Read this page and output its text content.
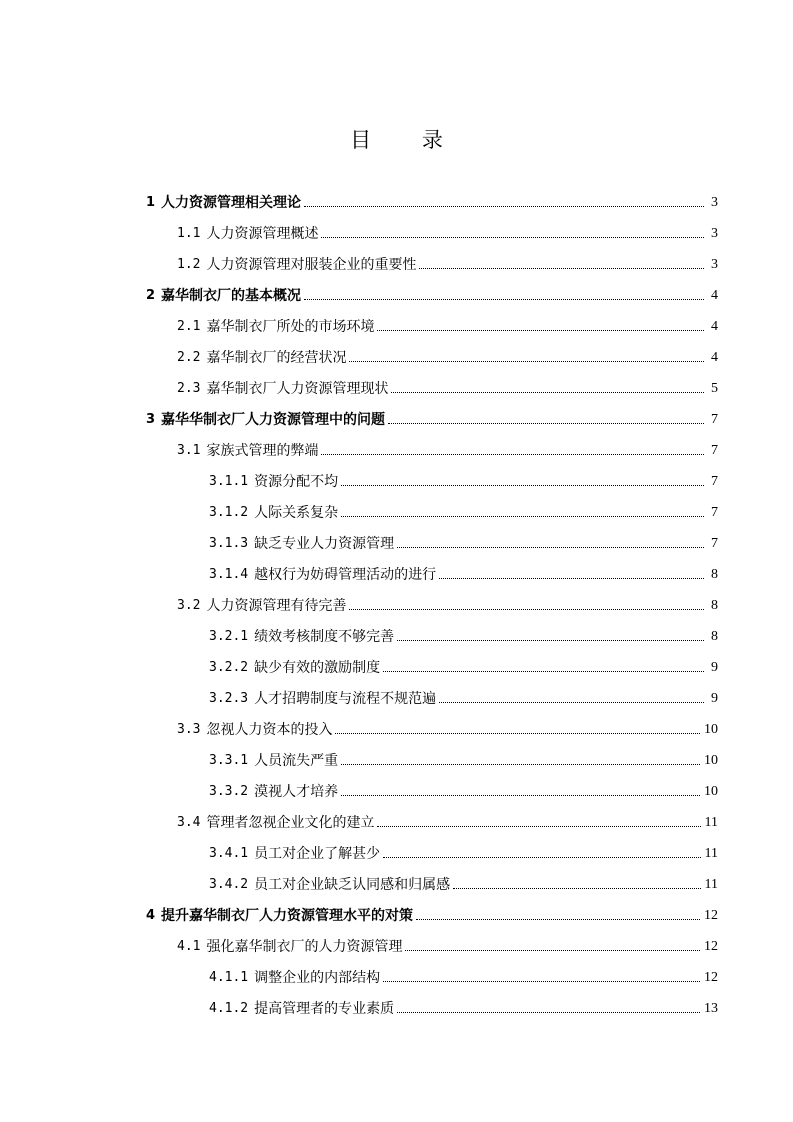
目 录
1 人力资源管理相关理论	3
1.1 人力资源管理概述	3
1.2 人力资源管理对服装企业的重要性	3
2 嘉华制衣厂的基本概况	4
2.1 嘉华制衣厂所处的市场环境	4
2.2 嘉华制衣厂的经营状况	4
2.3 嘉华制衣厂人力资源管理现状	5
3 嘉华华制衣厂人力资源管理中的问题	7
3.1 家族式管理的弊端	7
3.1.1 资源分配不均	7
3.1.2 人际关系复杂	7
3.1.3 缺乏专业人力资源管理	7
3.1.4 越权行为妨碍管理活动的进行	8
3.2 人力资源管理有待完善	8
3.2.1 绩效考核制度不够完善	8
3.2.2 缺少有效的激励制度	9
3.2.3 人才招聘制度与流程不规范遍	9
3.3 忽视人力资本的投入	10
3.3.1 人员流失严重	10
3.3.2 漠视人才培养	10
3.4 管理者忽视企业文化的建立	11
3.4.1 员工对企业了解甚少	11
3.4.2 员工对企业缺乏认同感和归属感	11
4 提升嘉华制衣厂人力资源管理水平的对策	12
4.1 强化嘉华制衣厂的人力资源管理	12
4.1.1 调整企业的内部结构	12
4.1.2 提高管理者的专业素质	13
